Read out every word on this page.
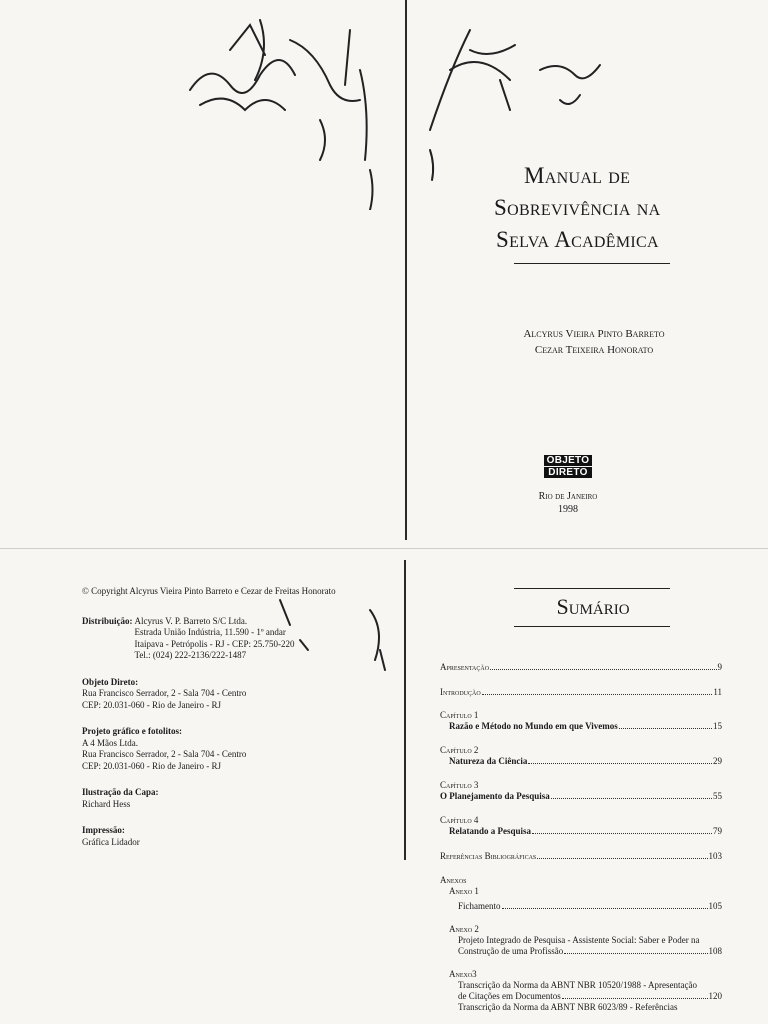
Manual de
Sobrevivência na
Selva Acadêmica
Alcyrus Vieira Pinto Barreto
Cezar Teixeira Honorato
OBJETO
DIRETO
Rio de Janeiro
1998
© Copyright Alcyrus Vieira Pinto Barreto e Cezar de Freitas Honorato
Distribuição: Alcyrus V. P. Barreto S/C Ltda.
Estrada União Indústria, 11.590 - 1º andar
Itaipava - Petrópolis - RJ - CEP: 25.750-220
Tel.: (024) 222-2136/222-1487
Objeto Direto:
Rua Francisco Serrador, 2 - Sala 704 - Centro
CEP: 20.031-060 - Rio de Janeiro - RJ
Projeto gráfico e fotolitos:
A 4 Mãos Ltda.
Rua Francisco Serrador, 2 - Sala 704 - Centro
CEP: 20.031-060 - Rio de Janeiro - RJ
Ilustração da Capa:
Richard Hess
Impressão:
Gráfica Lidador
Sumário
Apresentação	9
Introdução	11
Capítulo 1
Razão e Método no Mundo em que Vivemos	15
Capítulo 2
Natureza da Ciência	29
Capítulo 3
O Planejamento da Pesquisa	55
Capítulo 4
Relatando a Pesquisa	79
Referências Bibliográficas	103
Anexos
Anexo 1
Fichamento	105
Anexo 2
Projeto Integrado de Pesquisa - Assistente Social: Saber e Poder na
Construção de uma Profissão	108
Anexo3
Transcrição da Norma da ABNT NBR 10520/1988 - Apresentação
de Citações em Documentos	120
Transcrição da Norma da ABNT NBR 6023/89 - Referências
